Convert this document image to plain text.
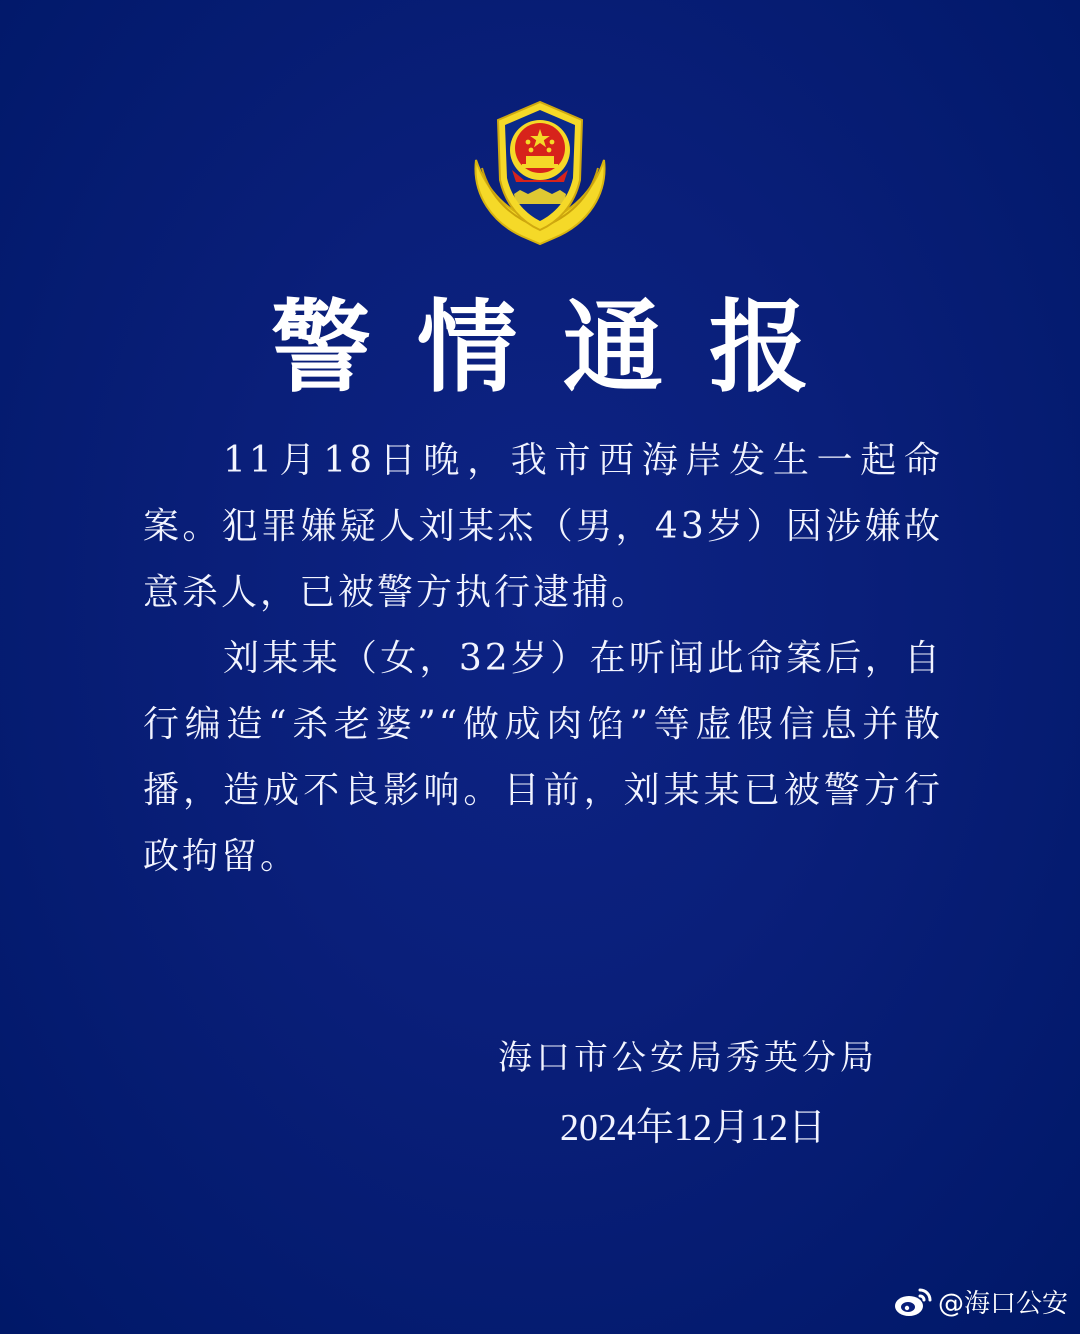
警情通报

11月18日晚，我市西海岸发生一起命案。犯罪嫌疑人刘某杰（男，43岁）因涉嫌故意杀人，已被警方执行逮捕。

刘某某（女，32岁）在听闻此命案后，自行编造“杀老婆”“做成肉馅”等虚假信息并散播，造成不良影响。目前，刘某某已被警方行政拘留。

海口市公安局秀英分局
2024年12月12日
@海口公安
